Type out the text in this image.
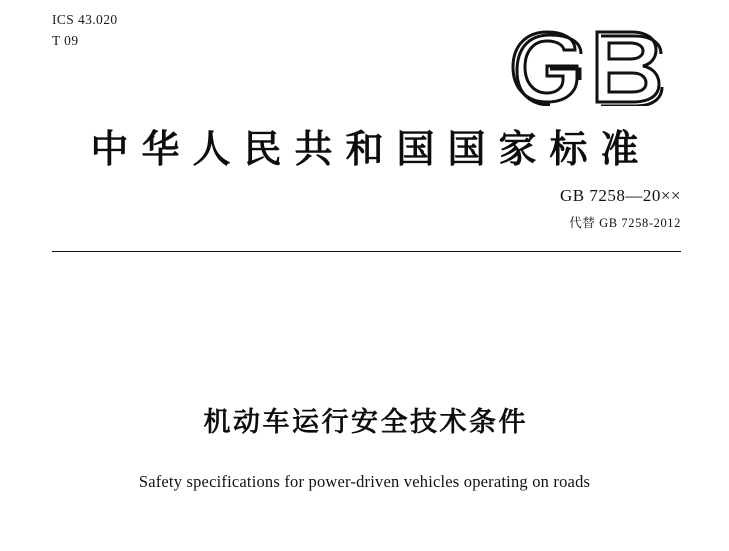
ICS 43.020
T 09
中华人民共和国国家标准
GB 7258—20××
代替 GB 7258-2012
机动车运行安全技术条件
Safety specifications for power-driven vehicles operating on roads
